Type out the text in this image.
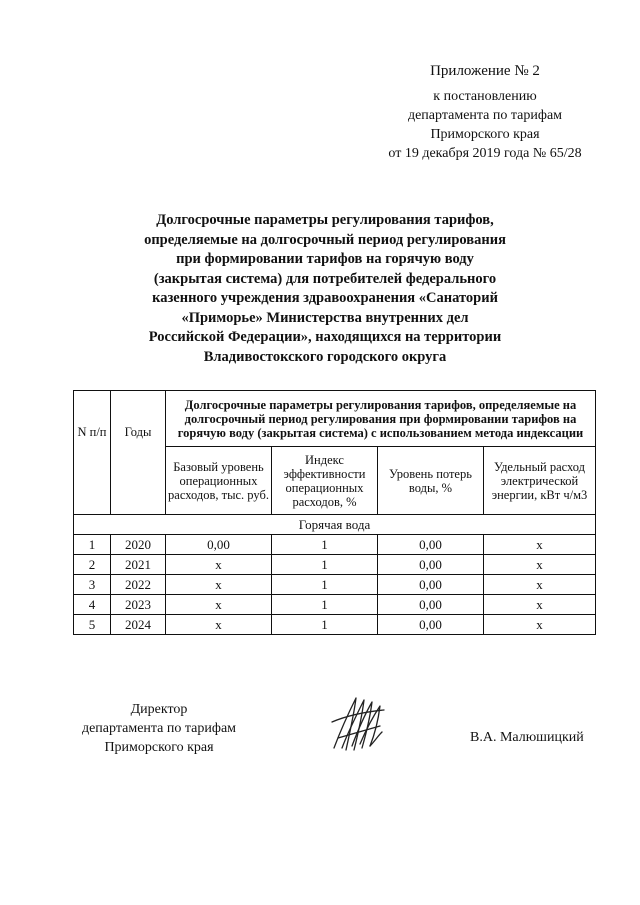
Приложение № 2
к постановлению
департамента по тарифам
Приморского края
от 19 декабря 2019 года № 65/28
Долгосрочные параметры регулирования тарифов,
определяемые на долгосрочный период регулирования
при формировании тарифов на горячую воду
(закрытая система) для потребителей федерального
казенного учреждения здравоохранения «Санаторий
«Приморье» Министерства внутренних дел
Российской Федерации», находящихся на территории
Владивостокского городского округа
N п/п	Годы	Долгосрочные параметры регулирования тарифов, определяемые на долгосрочный период регулирования при формировании тарифов на горячую воду (закрытая система) с использованием метода индексации			
		Базовый уровень операционных расходов, тыс. руб.	Индекс эффективности операционных расходов, %	Уровень потерь воды, %	Удельный расход электрической энергии, кВт ч/м3
Горячая вода					
1	2020	0,00	1	0,00	х
2	2021	х	1	0,00	х
3	2022	х	1	0,00	х
4	2023	х	1	0,00	х
5	2024	х	1	0,00	х
Директор
департамента по тарифам
Приморского края
В.А. Малюшицкий
